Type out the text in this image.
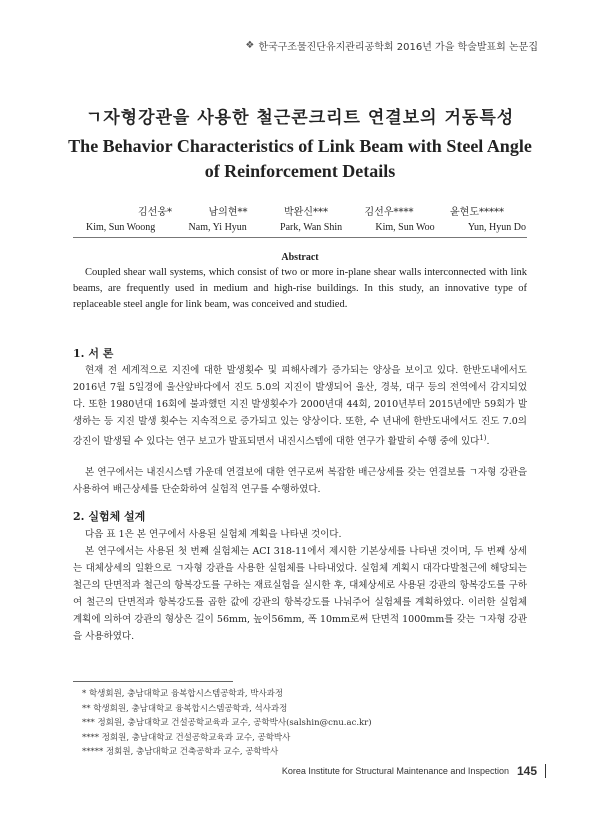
❖ 한국구조물진단유지관리공학회 2016년 가을 학술발표회 논문집
ㄱ자형강관을 사용한 철근콘크리트 연결보의 거동특성
The Behavior Characteristics of Link Beam with Steel Angle of Reinforcement Details
김선웅*	남의현**	박완신***	김선우****	윤현도*****
Kim, Sun Woong	Nam, Yi Hyun	Park, Wan Shin	Kim, Sun Woo	Yun, Hyun Do
Abstract

Coupled shear wall systems, which consist of two or more in-plane shear walls interconnected with link beams, are frequently used in medium and high-rise buildings. In this study, an innovative type of replaceable steel angle for link beam, was conceived and studied.

1. 서 론

현재 전 세계적으로 지진에 대한 발생횟수 및 피해사례가 증가되는 양상을 보이고 있다. 한반도내에서도 2016년 7월 5일경에 울산앞바다에서 진도 5.0의 지진이 발생되어 울산, 경북, 대구 등의 전역에서 감지되었다. 또한 1980년대 16회에 불과했던 지진 발생횟수가 2000년대 44회, 2010년부터 2015년에만 59회가 발생하는 등 지진 발생 횟수는 지속적으로 증가되고 있는 양상이다. 또한, 수 년내에 한반도내에서도 진도 7.0의 강진이 발생될 수 있다는 연구 보고가 발표되면서 내진시스템에 대한 연구가 활발히 수행 중에 있다$^{1)}$.

본 연구에서는 내진시스템 가운데 연결보에 대한 연구로써 복잡한 배근상세를 갖는 연결보를 ㄱ자형 강관을 사용하여 배근상세를 단순화하여 실험적 연구를 수행하였다.

2. 실험체 설계

다음 표 1은 본 연구에서 사용된 실험체 계획을 나타낸 것이다.

본 연구에서는 사용된 첫 번째 실험체는 ACI 318-11에서 제시한 기본상세를 나타낸 것이며, 두 번째 상세는 대체상세의 일환으로 ㄱ자형 강관을 사용한 실험체를 나타내었다. 실험체 계획시 대각다발철근에 해당되는 철근의 단면적과 철근의 항복강도를 구하는 재료실험을 실시한 후, 대체상세로 사용된 강관의 항복강도를 구하여 철근의 단면적과 항복강도를 곱한 값에 강관의 항복강도를 나눠주어 실험체를 계획하였다. 이러한 실험체 계획에 의하여 강관의 형상은 길이 56mm, 높이56mm, 폭 10mm로써 단면적 1000mm를 갖는 ㄱ자형 강관을 사용하였다.

* 학생회원, 충남대학교 융복합시스템공학과, 박사과정
** 학생회원, 충남대학교 융복합시스템공학과, 석사과정
*** 정회원, 충남대학교 건설공학교육과 교수, 공학박사(salshin@cnu.ac.kr)
**** 정회원, 충남대학교 건설공학교육과 교수, 공학박사
***** 정회원, 충남대학교 건축공학과 교수, 공학박사
Korea Institute for Structural Maintenance and Inspection 145
